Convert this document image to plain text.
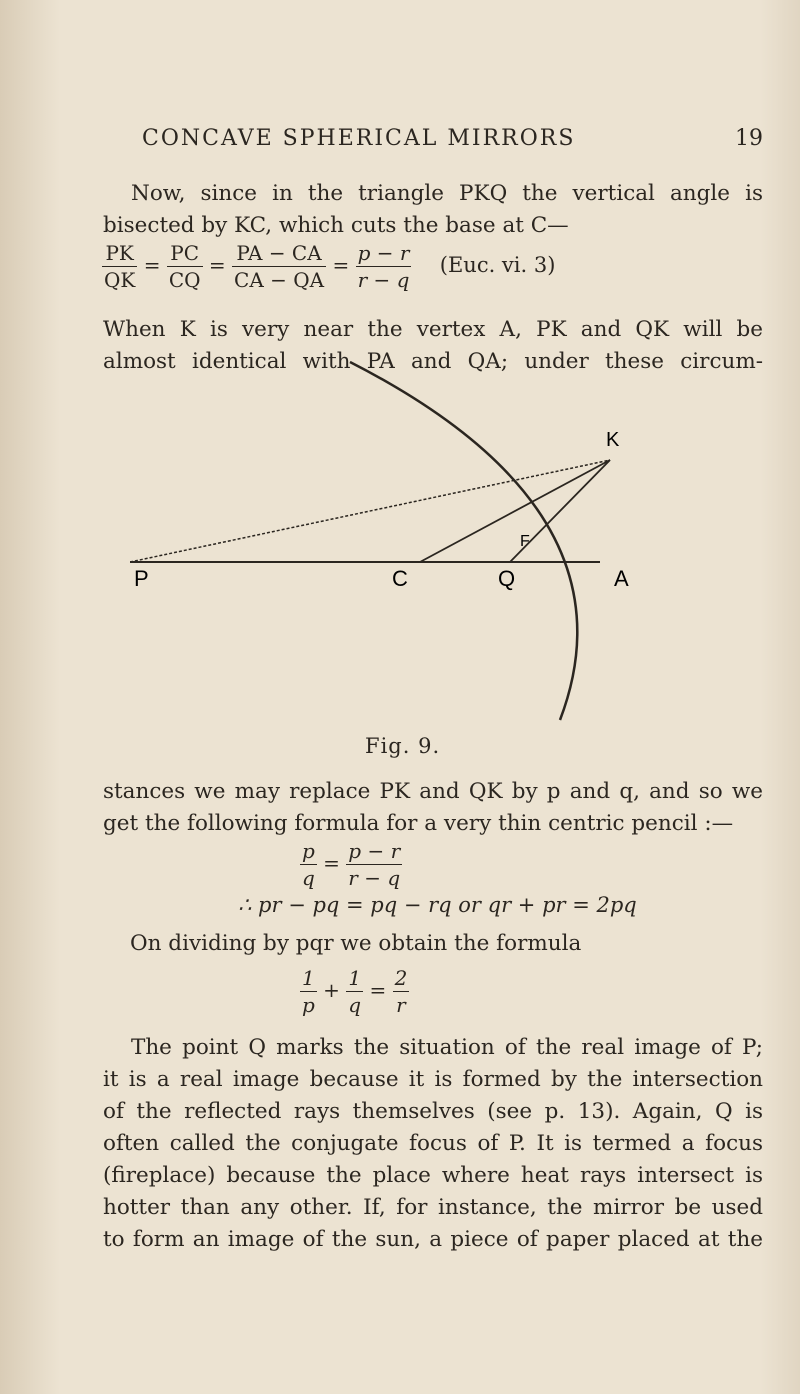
CONCAVE SPHERICAL MIRRORS	19
Now, since in the triangle PKQ the vertical angle is
bisected by KC, which cuts the base at C—
$\frac{PK}{QK} = \frac{PC}{CQ} = \frac{PA - CA}{CA - QA} = \frac{p - r}{r - q} (Euc$. vi. 3)
When K is very near the vertex A, PK and QK will be
almost identical with PA and QA; under these circum-
K
F
P	C	Q	A
Fig. 9.
stances we may replace PK and QK by p and q, and so we
get the following formula for a very thin centric pencil :—
$\frac{p}{q} = \frac{p - r}{r - q}$
∴ pr − pq = pq − rq or qr + pr = 2pq
On dividing by pqr we obtain the formula
$\frac{1}{p} + \frac{1}{q} = \frac{2}{r}$
The point Q marks the situation of the real image of P;
it is a real image because it is formed by the intersection
of the reflected rays themselves (see p. 13). Again, Q is
often called the conjugate focus of P. It is termed a focus
(fireplace) because the place where heat rays intersect is
hotter than any other. If, for instance, the mirror be used
to form an image of the sun, a piece of paper placed at the
